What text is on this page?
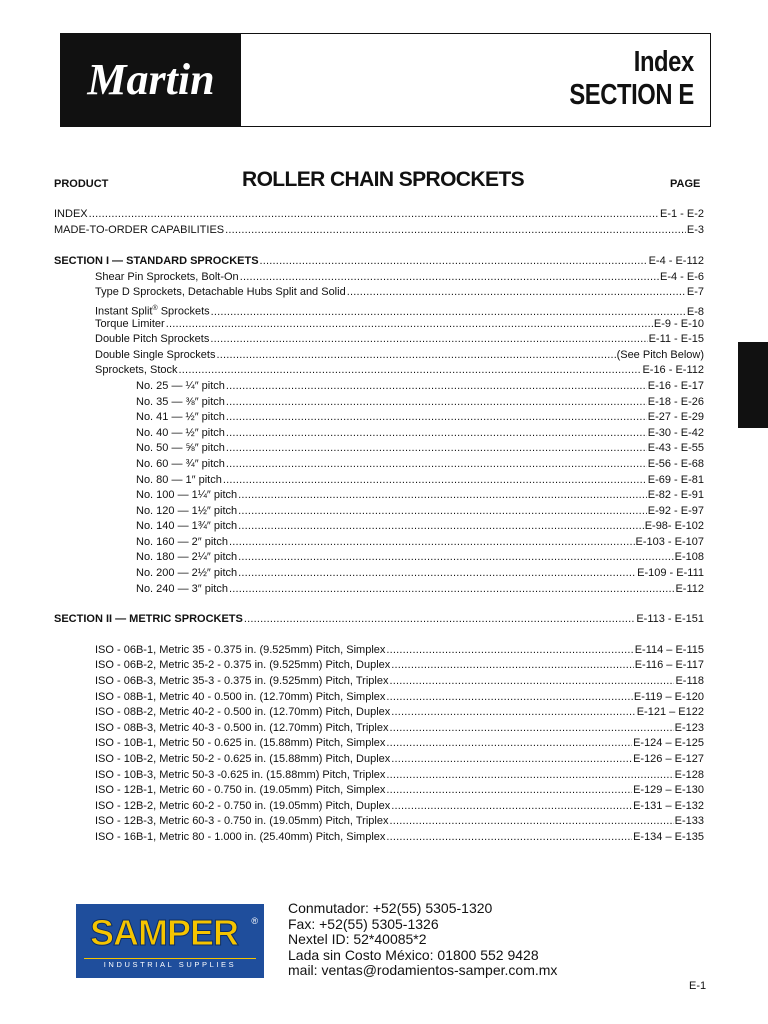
Martin	Index
SECTION E
PRODUCT	ROLLER CHAIN SPROCKETS	PAGE
INDEX .....	E-1 - E-2
MADE-TO-ORDER CAPABILITIES .....	E-3
SECTION I — STANDARD SPROCKETS .....	E-4 - E-112
Shear Pin Sprockets, Bolt-On .....	E-4 - E-6
Type D Sprockets, Detachable Hubs Split and Solid .....	E-7
Instant Split® Sprockets .....	E-8
Torque Limiter .....	E-9 - E-10
Double Pitch Sprockets .....	E-11 - E-15
Double Single Sprockets .....	(See Pitch Below)
Sprockets, Stock .....	E-16 - E-112
No. 25 — ¼″ pitch .....	E-16 - E-17
No. 35 — ⅜″ pitch .....	E-18 - E-26
No. 41 — ½″ pitch .....	E-27 - E-29
No. 40 — ½″ pitch .....	E-30 - E-42
No. 50 — ⅝″ pitch .....	E-43 - E-55
No. 60 — ¾″ pitch .....	E-56 - E-68
No. 80 — 1″ pitch .....	E-69 - E-81
No. 100 — 1¼″ pitch .....	E-82 - E-91
No. 120 — 1½″ pitch .....	E-92 - E-97
No. 140 — 1¾″ pitch .....	E-98- E-102
No. 160 — 2″ pitch .....	E-103 - E-107
No. 180 — 2¼″ pitch .....	E-108
No. 200 — 2½″ pitch .....	E-109 - E-111
No. 240 — 3″ pitch .....	E-112
SECTION II — METRIC SPROCKETS .....	E-113 - E-151
ISO - 06B-1, Metric 35 - 0.375 in. (9.525mm) Pitch, Simplex .....	E-114 – E-115
ISO - 06B-2, Metric 35-2 - 0.375 in. (9.525mm) Pitch, Duplex .....	E-116 – E-117
ISO - 06B-3, Metric 35-3 - 0.375 in. (9.525mm) Pitch, Triplex .....	E-118
ISO - 08B-1, Metric 40 - 0.500 in. (12.70mm) Pitch, Simplex .....	E-119 – E-120
ISO - 08B-2, Metric 40-2 - 0.500 in. (12.70mm) Pitch, Duplex .....	E-121 – E122
ISO - 08B-3, Metric 40-3 - 0.500 in. (12.70mm) Pitch, Triplex .....	E-123
ISO - 10B-1, Metric 50 - 0.625 in. (15.88mm) Pitch, Simplex .....	E-124 – E-125
ISO - 10B-2, Metric 50-2 - 0.625 in. (15.88mm) Pitch, Duplex .....	E-126 – E-127
ISO - 10B-3, Metric 50-3 -0.625 in. (15.88mm) Pitch, Triplex .....	E-128
ISO - 12B-1, Metric 60 - 0.750 in. (19.05mm) Pitch, Simplex .....	E-129 – E-130
ISO - 12B-2, Metric 60-2 - 0.750 in. (19.05mm) Pitch, Duplex .....	E-131 – E-132
ISO - 12B-3, Metric 60-3 - 0.750 in. (19.05mm) Pitch, Triplex .....	E-133
ISO - 16B-1, Metric 80 - 1.000 in. (25.40mm) Pitch, Simplex .....	E-134 – E-135
SAMPER	®
INDUSTRIAL SUPPLIES
Conmutador: +52(55) 5305-1320
Fax: +52(55) 5305-1326
Nextel ID: 52*40085*2
Lada sin Costo México: 01800 552 9428
mail: ventas@rodamientos-samper.com.mx
E-1
